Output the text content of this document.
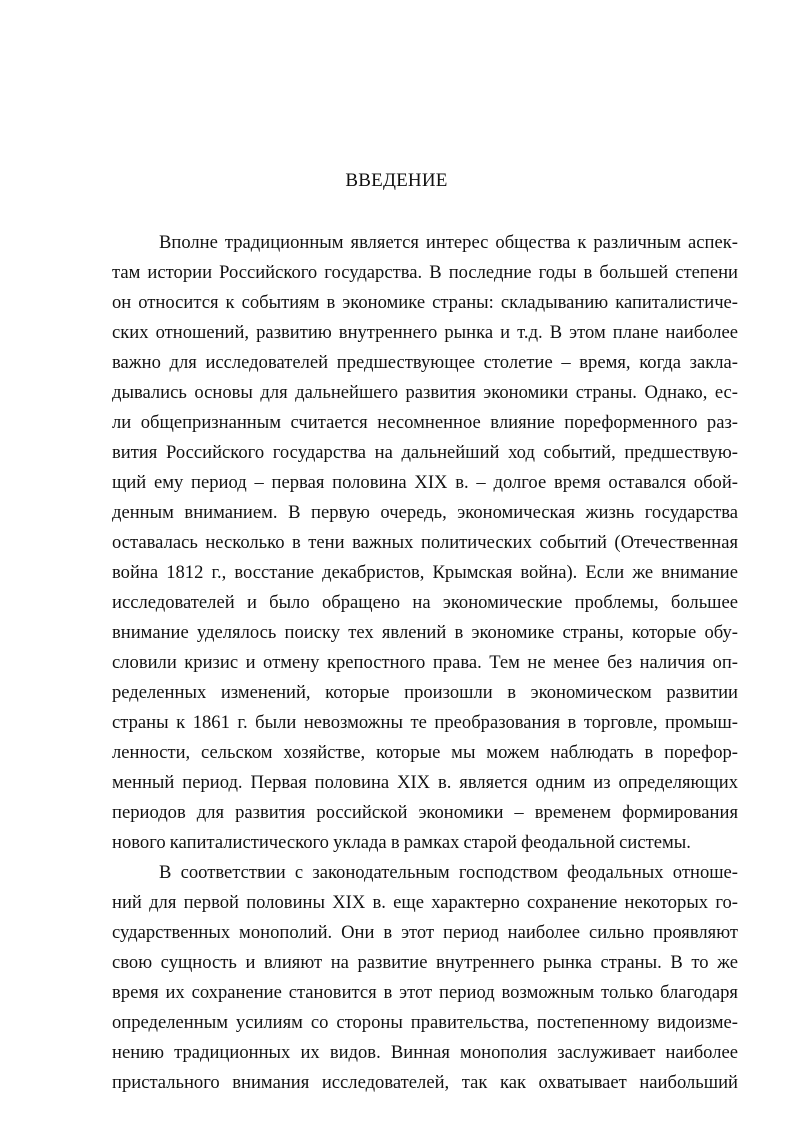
ВВЕДЕНИЕ
Вполне традиционным является интерес общества к различным аспек-
там истории Российского государства. В последние годы в большей степени
он относится к событиям в экономике страны: складыванию капиталистиче-
ских отношений, развитию внутреннего рынка и т.д. В этом плане наиболее
важно для исследователей предшествующее столетие – время, когда закла-
дывались основы для дальнейшего развития экономики страны. Однако, ес-
ли общепризнанным считается несомненное влияние пореформенного раз-
вития Российского государства на дальнейший ход событий, предшествую-
щий ему период – первая половина XIX в. – долгое время оставался обой-
денным вниманием. В первую очередь, экономическая жизнь государства
оставалась несколько в тени важных политических событий (Отечественная
война 1812 г., восстание декабристов, Крымская война). Если же внимание
исследователей и было обращено на экономические проблемы, большее
внимание уделялось поиску тех явлений в экономике страны, которые обу-
словили кризис и отмену крепостного права. Тем не менее без наличия оп-
ределенных изменений, которые произошли в экономическом развитии
страны к 1861 г. были невозможны те преобразования в торговле, промыш-
ленности, сельском хозяйстве, которые мы можем наблюдать в порефор-
менный период. Первая половина XIX в. является одним из определяющих
периодов для развития российской экономики – временем формирования
нового капиталистического уклада в рамках старой феодальной системы.
В соответствии с законодательным господством феодальных отноше-
ний для первой половины XIX в. еще характерно сохранение некоторых го-
сударственных монополий. Они в этот период наиболее сильно проявляют
свою сущность и влияют на развитие внутреннего рынка страны. В то же
время их сохранение становится в этот период возможным только благодаря
определенным усилиям со стороны правительства, постепенному видоизме-
нению традиционных их видов. Винная монополия заслуживает наиболее
пристального внимания исследователей, так как охватывает наибольший
